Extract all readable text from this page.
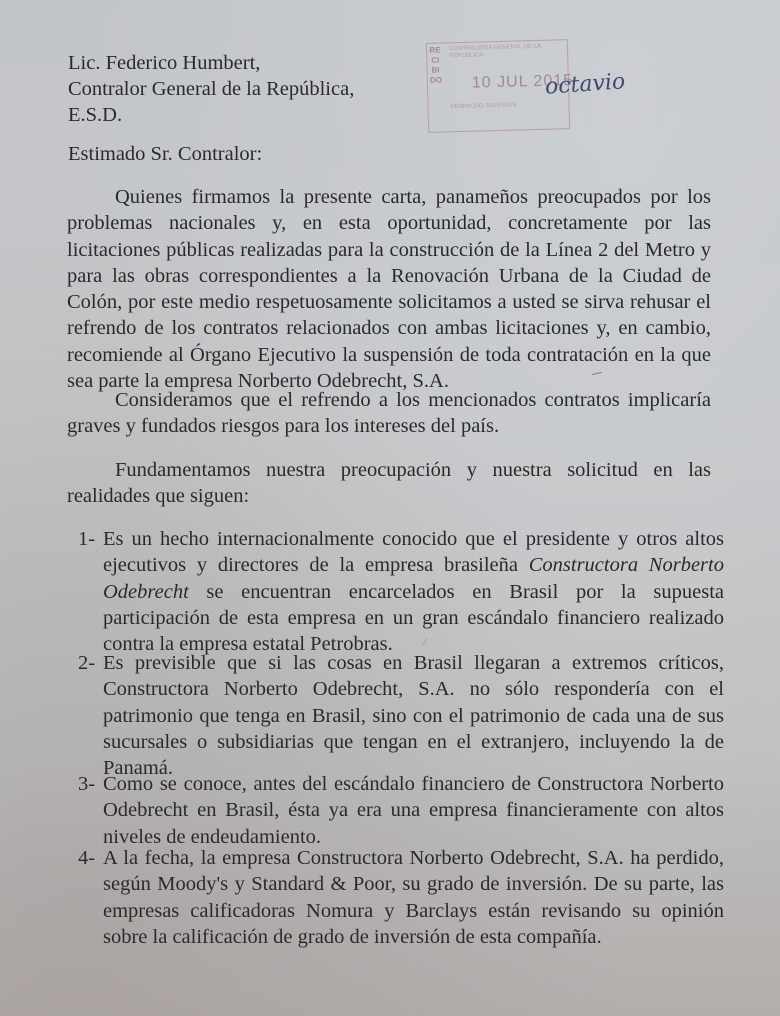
Lic. Federico Humbert,
Contralor General de la República,
E.S.D.
RECIBIDO
CONTRALORÍA GENERAL DE LA REPÚBLICA
10 JUL 2015
DESPACHO SUPERIOR
octavio
Estimado Sr. Contralor:

Quienes firmamos la presente carta, panameños preocupados por los problemas nacionales y, en esta oportunidad, concretamente por las licitaciones públicas realizadas para la construcción de la Línea 2 del Metro y para las obras correspondientes a la Renovación Urbana de la Ciudad de Colón, por este medio respetuosamente solicitamos a usted se sirva rehusar el refrendo de los contratos relacionados con ambas licitaciones y, en cambio, recomiende al Órgano Ejecutivo la suspensión de toda contratación en la que sea parte la empresa Norberto Odebrecht, S.A.

Consideramos que el refrendo a los mencionados contratos implicaría graves y fundados riesgos para los intereses del país.

Fundamentamos nuestra preocupación y nuestra solicitud en las realidades que siguen:

1- Es un hecho internacionalmente conocido que el presidente y otros altos ejecutivos y directores de la empresa brasileña Constructora Norberto Odebrecht se encuentran encarcelados en Brasil por la supuesta participación de esta empresa en un gran escándalo financiero realizado contra la empresa estatal Petrobras.
2- Es previsible que si las cosas en Brasil llegaran a extremos críticos, Constructora Norberto Odebrecht, S.A. no sólo respondería con el patrimonio que tenga en Brasil, sino con el patrimonio de cada una de sus sucursales o subsidiarias que tengan en el extranjero, incluyendo la de Panamá.
3- Como se conoce, antes del escándalo financiero de Constructora Norberto Odebrecht en Brasil, ésta ya era una empresa financieramente con altos niveles de endeudamiento.
4- A la fecha, la empresa Constructora Norberto Odebrecht, S.A. ha perdido, según Moody's y Standard & Poor, su grado de inversión. De su parte, las empresas calificadoras Nomura y Barclays están revisando su opinión sobre la calificación de grado de inversión de esta compañía.
